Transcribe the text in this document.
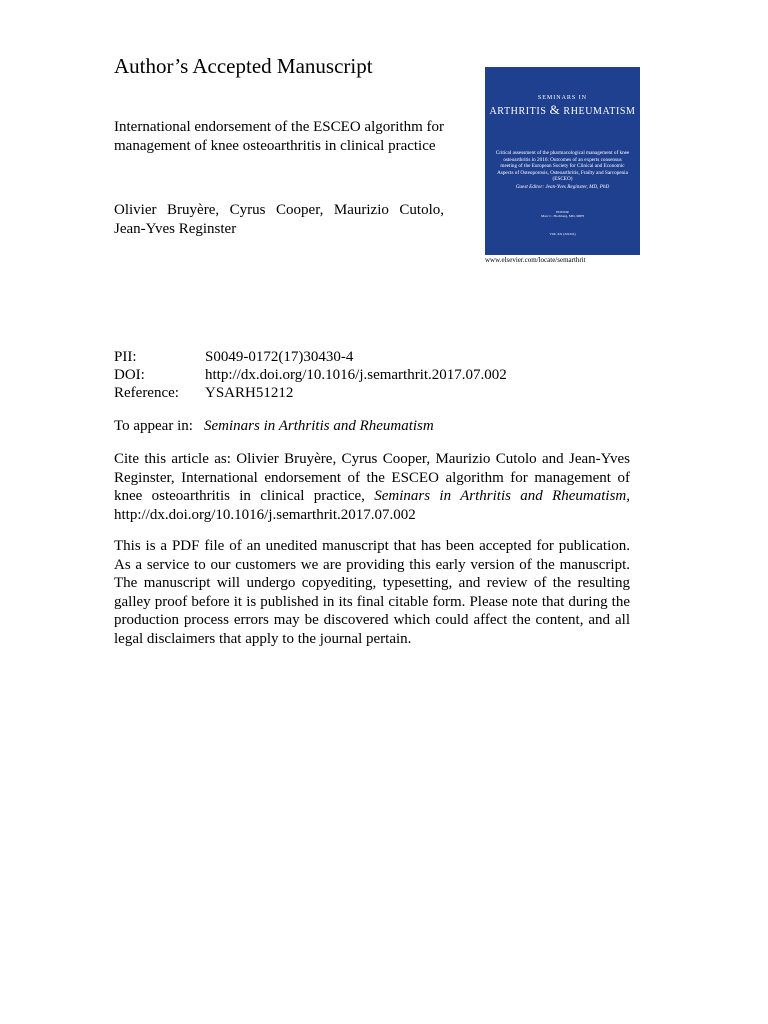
Author’s Accepted Manuscript
International endorsement of the ESCEO algorithm for management of knee osteoarthritis in clinical practice
Olivier Bruyère, Cyrus Cooper, Maurizio Cutolo, Jean-Yves Reginster
SEMINARS IN
ARTHRITIS & RHEUMATISM
Critical assessment of the pharmacological management of knee osteoarthritis in 2016: Outcomes of an experts consensus meeting of the European Society for Clinical and Economic Aspects of Osteoporosis, Osteoarthritis, Frailty and Sarcopenia (ESCEO)
Guest Editor: Jean-Yves Reginster, MD, PhD
EDITOR
Marc C. Hochberg, MD, MPH
VOL XX (XXXX)
www.elsevier.com/locate/semarthrit
PII:	S0049-0172(17)30430-4
DOI:	http://dx.doi.org/10.1016/j.semarthrit.2017.07.002
Reference: YSARH51212
To appear in: Seminars in Arthritis and Rheumatism
Cite this article as: Olivier Bruyère, Cyrus Cooper, Maurizio Cutolo and Jean-Yves Reginster, International endorsement of the ESCEO algorithm for management of knee osteoarthritis in clinical practice, Seminars in Arthritis and Rheumatism, http://dx.doi.org/10.1016/j.semarthrit.2017.07.002
This is a PDF file of an unedited manuscript that has been accepted for publication. As a service to our customers we are providing this early version of the manuscript. The manuscript will undergo copyediting, typesetting, and review of the resulting galley proof before it is published in its final citable form. Please note that during the production process errors may be discovered which could affect the content, and all legal disclaimers that apply to the journal pertain.
